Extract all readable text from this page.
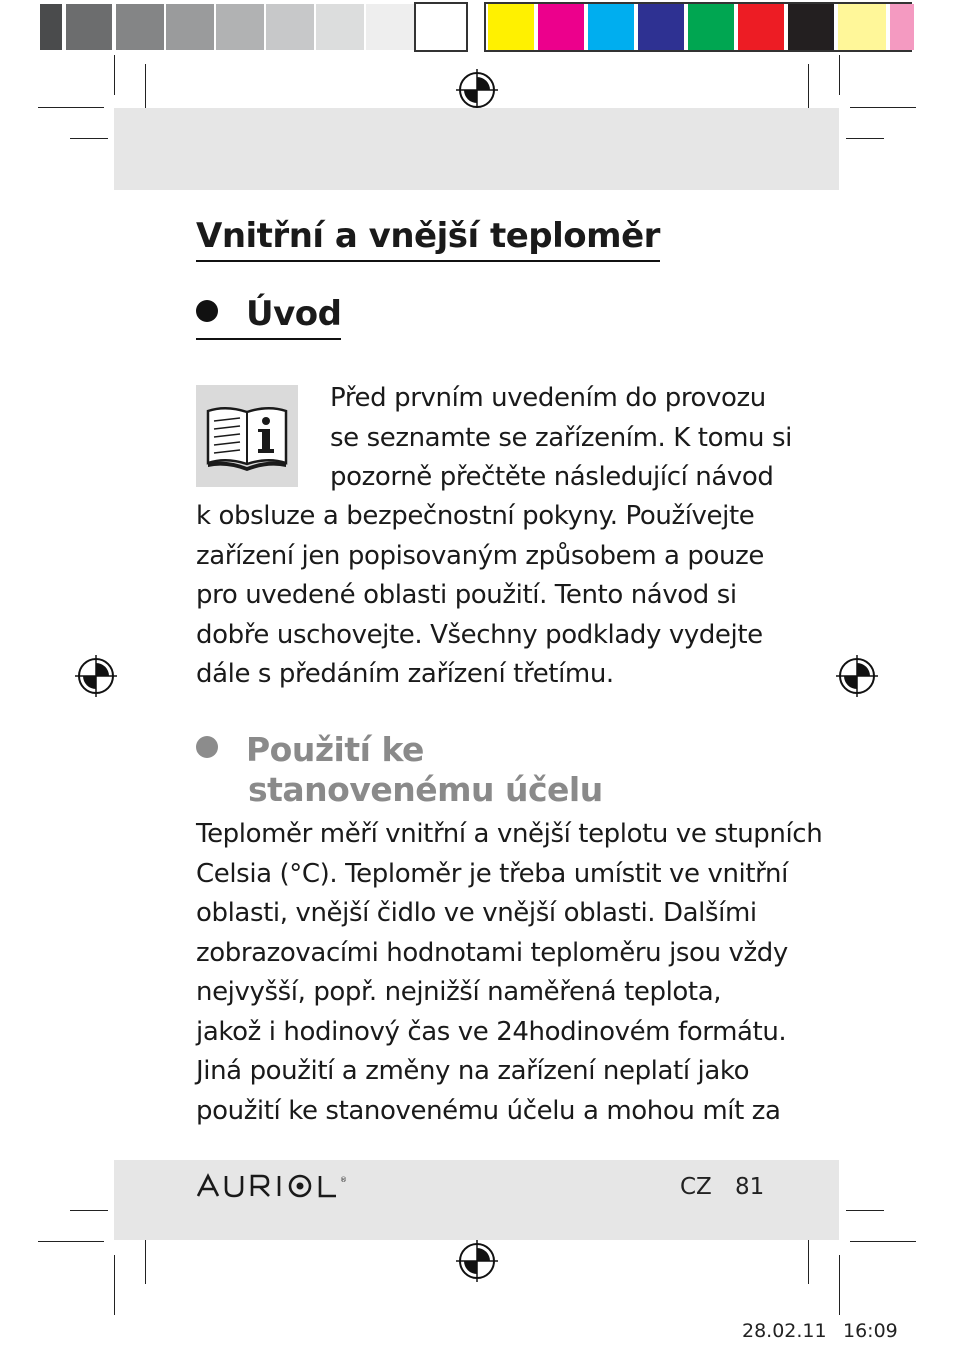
Vnitřní a vnější teploměr
Úvod
Před prvním uvedením do provozu
se seznamte se zařízením. K tomu si
pozorně přečtěte následující návod
k obsluze a bezpečnostní pokyny. Používejte
zařízení jen popisovaným způsobem a pouze
pro uvedené oblasti použití. Tento návod si
dobře uschovejte. Všechny podklady vydejte
dále s předáním zařízení třetímu.
Použití ke
stanovenému účelu
Teploměr měří vnitřní a vnější teplotu ve stupních
Celsia (°C). Teploměr je třeba umístit ve vnitřní
oblasti, vnější čidlo ve vnější oblasti. Dalšími
zobrazovacími hodnotami teploměru jsou vždy
nejvyšší, popř. nejnižší naměřená teplota,
jakož i hodinový čas ve 24hodinovém formátu.
Jiná použití a změny na zařízení neplatí jako
použití ke stanovenému účelu a mohou mít za
®	CZ 81
28.02.11 16:09
